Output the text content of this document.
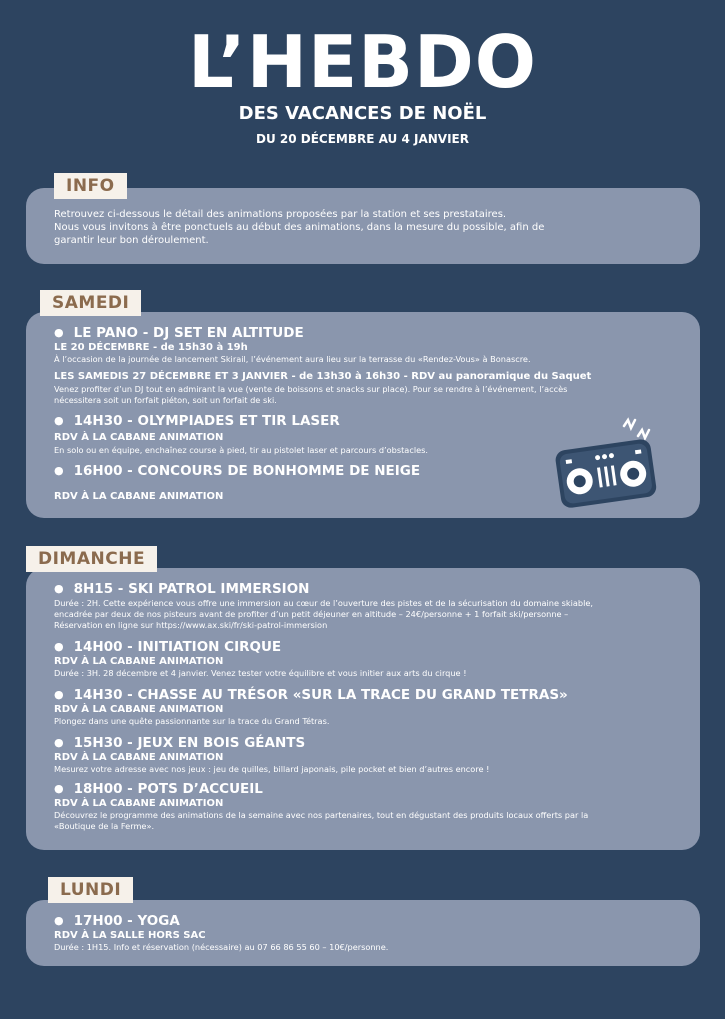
L’HEBDO
DES VACANCES DE NOËL
DU 20 DÉCEMBRE AU 4 JANVIER
Retrouvez ci-dessous le détail des animations proposées par la station et ses prestataires.
Nous vous invitons à être ponctuels au début des animations, dans la mesure du possible, afin de
garantir leur bon déroulement.
INFO
● LE PANO - DJ SET EN ALTITUDE
LE 20 DÉCEMBRE - de 15h30 à 19h
À l’occasion de la journée de lancement Skirail, l’événement aura lieu sur la terrasse du «Rendez-Vous» à Bonascre.
LES SAMEDIS 27 DÉCEMBRE ET 3 JANVIER - de 13h30 à 16h30 - RDV au panoramique du Saquet
Venez profiter d’un DJ tout en admirant la vue (vente de boissons et snacks sur place). Pour se rendre à l’événement, l’accès
nécessitera soit un forfait piéton, soit un forfait de ski.
● 14H30 - OLYMPIADES ET TIR LASER
RDV À LA CABANE ANIMATION
En solo ou en équipe, enchaînez course à pied, tir au pistolet laser et parcours d’obstacles.
● 16H00 - CONCOURS DE BONHOMME DE NEIGE
RDV À LA CABANE ANIMATION
SAMEDI
● 8H15 - SKI PATROL IMMERSION
Durée : 2H. Cette expérience vous offre une immersion au cœur de l’ouverture des pistes et de la sécurisation du domaine skiable,
encadrée par deux de nos pisteurs avant de profiter d’un petit déjeuner en altitude – 24€/personne + 1 forfait ski/personne –
Réservation en ligne sur https://www.ax.ski/fr/ski-patrol-immersion
● 14H00 - INITIATION CIRQUE
RDV À LA CABANE ANIMATION
Durée : 3H. 28 décembre et 4 janvier. Venez tester votre équilibre et vous initier aux arts du cirque !
● 14H30 - CHASSE AU TRÉSOR «SUR LA TRACE DU GRAND TETRAS»
RDV À LA CABANE ANIMATION
Plongez dans une quête passionnante sur la trace du Grand Tétras.
● 15H30 - JEUX EN BOIS GÉANTS
RDV À LA CABANE ANIMATION
Mesurez votre adresse avec nos jeux : jeu de quilles, billard japonais, pile pocket et bien d’autres encore !
● 18H00 - POTS D’ACCUEIL
RDV À LA CABANE ANIMATION
Découvrez le programme des animations de la semaine avec nos partenaires, tout en dégustant des produits locaux offerts par la
«Boutique de la Ferme».
DIMANCHE
● 17H00 - YOGA
RDV À LA SALLE HORS SAC
Durée : 1H15. Info et réservation (nécessaire) au 07 66 86 55 60 – 10€/personne.
LUNDI
